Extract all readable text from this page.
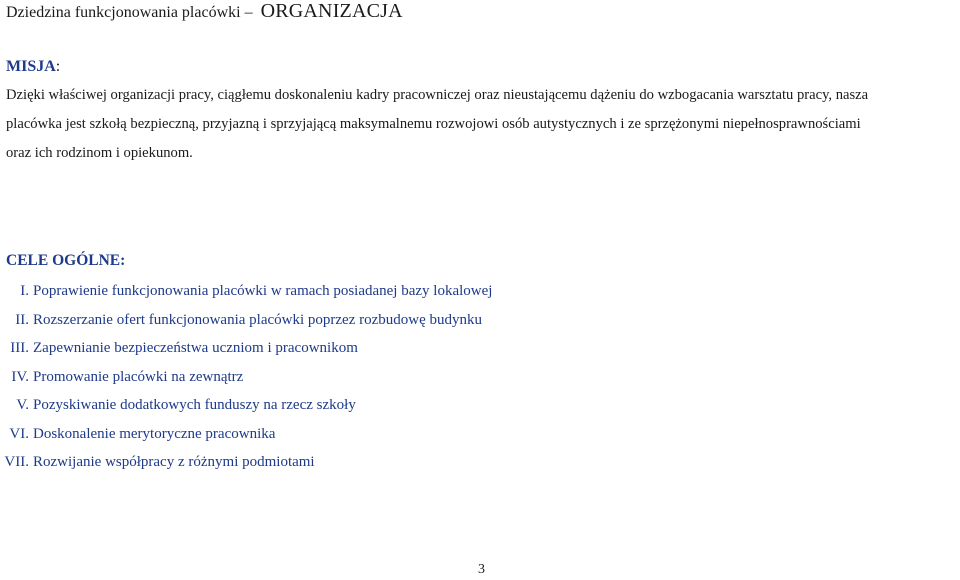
Dziedzina funkcjonowania placówki – ORGANIZACJA
MISJA:
Dzięki właściwej organizacji pracy, ciągłemu doskonaleniu kadry pracowniczej oraz nieustającemu dążeniu do wzbogacania warsztatu pracy, nasza
placówka jest szkołą bezpieczną, przyjazną i sprzyjającą maksymalnemu rozwojowi osób autystycznych i ze sprzężonymi niepełnosprawnościami
oraz ich rodzinom i opiekunom.
CELE OGÓLNE:
I. Poprawienie funkcjonowania placówki w ramach posiadanej bazy lokalowej
II. Rozszerzanie ofert funkcjonowania placówki poprzez rozbudowę budynku
III. Zapewnianie bezpieczeństwa uczniom i pracownikom
IV. Promowanie placówki na zewnątrz
V. Pozyskiwanie dodatkowych funduszy na rzecz szkoły
VI. Doskonalenie merytoryczne pracownika
VII. Rozwijanie współpracy z różnymi podmiotami
3
